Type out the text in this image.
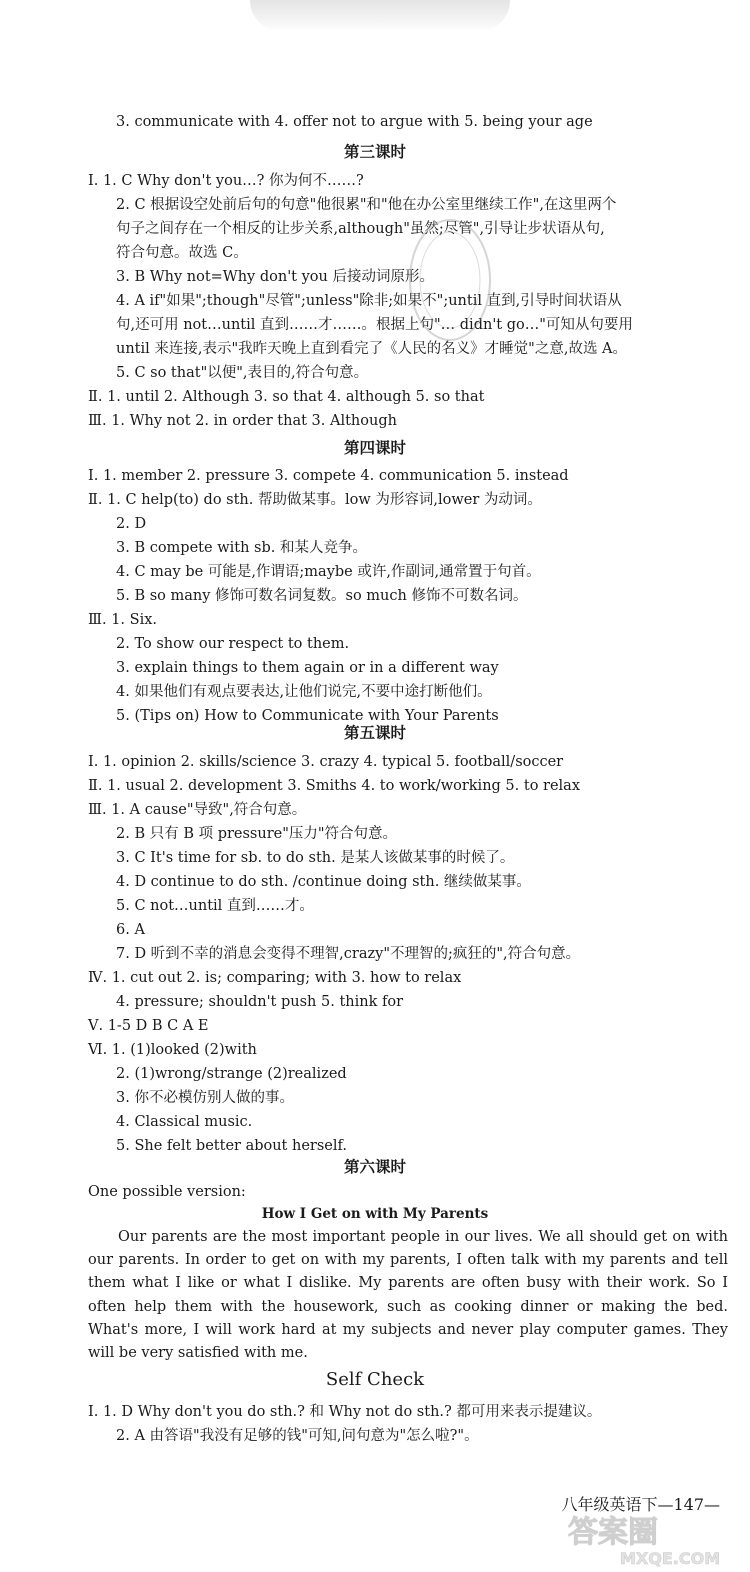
3. communicate with 4. offer not to argue with 5. being your age
第三课时
Ⅰ. 1. C Why don't you…? 你为何不……?
2. C 根据设空处前后句的句意"他很累"和"他在办公室里继续工作",在这里两个
句子之间存在一个相反的让步关系,although"虽然;尽管",引导让步状语从句,
符合句意。故选 C。
3. B Why not=Why don't you 后接动词原形。
4. A if"如果";though"尽管";unless"除非;如果不";until 直到,引导时间状语从
句,还可用 not…until 直到……才……。根据上句"… didn't go…"可知从句要用
until 来连接,表示"我昨天晚上直到看完了《人民的名义》才睡觉"之意,故选 A。
5. C so that"以便",表目的,符合句意。
Ⅱ. 1. until 2. Although 3. so that 4. although 5. so that
Ⅲ. 1. Why not 2. in order that 3. Although
第四课时
Ⅰ. 1. member 2. pressure 3. compete 4. communication 5. instead
Ⅱ. 1. C help(to) do sth. 帮助做某事。low 为形容词,lower 为动词。
2. D
3. B compete with sb. 和某人竞争。
4. C may be 可能是,作谓语;maybe 或许,作副词,通常置于句首。
5. B so many 修饰可数名词复数。so much 修饰不可数名词。
Ⅲ. 1. Six.
2. To show our respect to them.
3. explain things to them again or in a different way
4. 如果他们有观点要表达,让他们说完,不要中途打断他们。
5. (Tips on) How to Communicate with Your Parents
第五课时
Ⅰ. 1. opinion 2. skills/science 3. crazy 4. typical 5. football/soccer
Ⅱ. 1. usual 2. development 3. Smiths 4. to work/working 5. to relax
Ⅲ. 1. A cause"导致",符合句意。
2. B 只有 B 项 pressure"压力"符合句意。
3. C It's time for sb. to do sth. 是某人该做某事的时候了。
4. D continue to do sth. /continue doing sth. 继续做某事。
5. C not…until 直到……才。
6. A
7. D 听到不幸的消息会变得不理智,crazy"不理智的;疯狂的",符合句意。
Ⅳ. 1. cut out 2. is; comparing; with 3. how to relax
4. pressure; shouldn't push 5. think for
Ⅴ. 1-5 D B C A E
Ⅵ. 1. (1)looked (2)with
2. (1)wrong/strange (2)realized
3. 你不必模仿别人做的事。
4. Classical music.
5. She felt better about herself.
第六课时
One possible version:
How I Get on with My Parents
Our parents are the most important people in our lives. We all should get on with our parents. In order to get on with my parents, I often talk with my parents and tell them what I like or what I dislike. My parents are often busy with their work. So I often help them with the housework, such as cooking dinner or making the bed. What's more, I will work hard at my subjects and never play computer games. They will be very satisfied with me.
Self Check
Ⅰ. 1. D Why don't you do sth.? 和 Why not do sth.? 都可用来表示提建议。
2. A 由答语"我没有足够的钱"可知,问句意为"怎么啦?"。
八年级英语下—147—
答案圈
MXQE.COM
